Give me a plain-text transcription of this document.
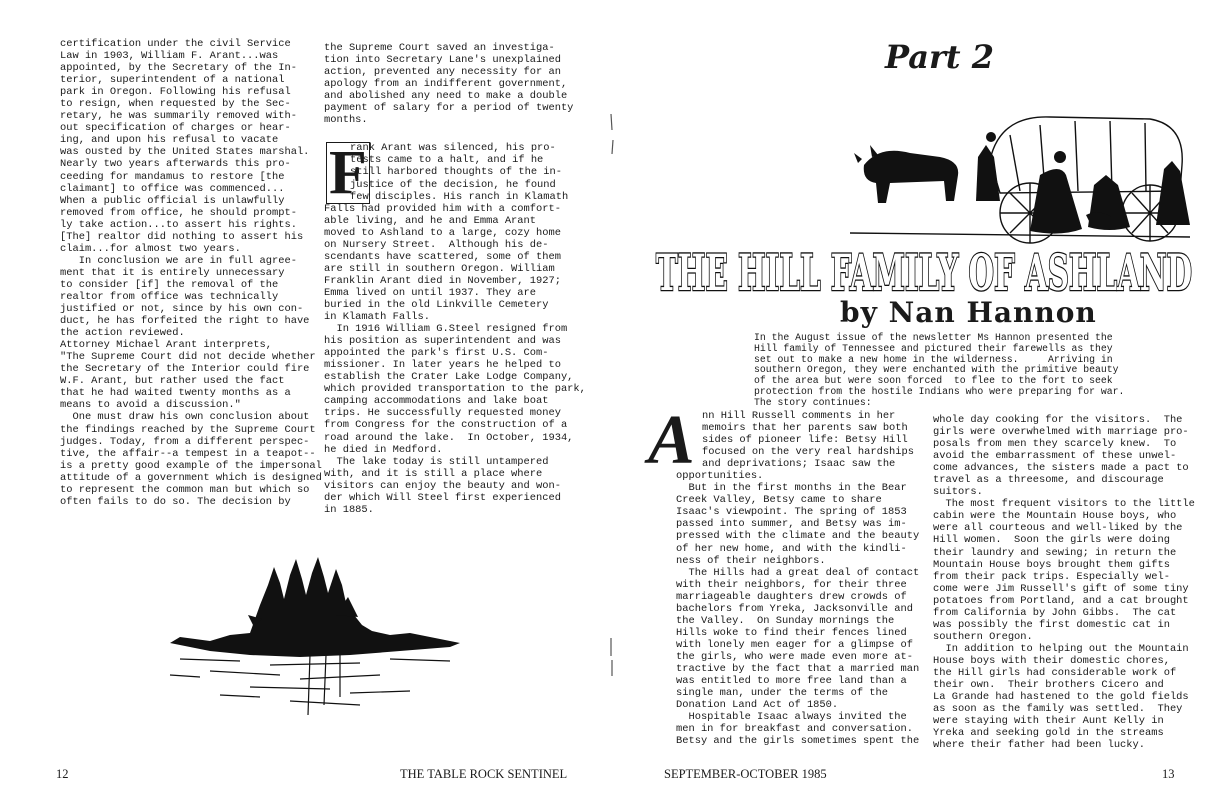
certification under the civil Service

Law in 1903, William F. Arant...was

appointed, by the Secretary of the In-

terior, superintendent of a national

park in Oregon. Following his refusal

to resign, when requested by the Sec-

retary, he was summarily removed with-

out specification of charges or hear-

ing, and upon his refusal to vacate

was ousted by the United States marshal.

Nearly two years afterwards this pro-

ceeding for mandamus to restore [the

claimant] to office was commenced...

When a public official is unlawfully

removed from office, he should prompt-

ly take action...to assert his rights.

[The] realtor did nothing to assert his

claim...for almost two years.

In conclusion we are in full agree-

ment that it is entirely unnecessary

to consider [if] the removal of the

realtor from office was technically

justified or not, since by his own con-

duct, he has forfeited the right to have

the action reviewed.

Attorney Michael Arant interprets,

"The Supreme Court did not decide whether

the Secretary of the Interior could fire

W.F. Arant, but rather used the fact

that he had waited twenty months as a

means to avoid a discussion."

One must draw his own conclusion about

the findings reached by the Supreme Court

judges. Today, from a different perspec-

tive, the affair--a tempest in a teapot--

is a pretty good example of the impersonal

attitude of a government which is designed

to represent the common man but which so

often fails to do so. The decision by

the Supreme Court saved an investiga-

tion into Secretary Lane's unexplained

action, prevented any necessity for an

apology from an indifferent government,

and abolished any need to make a double

payment of salary for a period of twenty

months.

rank Arant was silenced, his pro-

tests came to a halt, and if he

still harbored thoughts of the in-

justice of the decision, he found

few disciples. His ranch in Klamath

Falls had provided him with a comfort-

able living, and he and Emma Arant

moved to Ashland to a large, cozy home

on Nursery Street.  Although his de-

scendants have scattered, some of them

are still in southern Oregon. William

Franklin Arant died in November, 1927;

Emma lived on until 1937. They are

buried in the old Linkville Cemetery

in Klamath Falls.

In 1916 William G.Steel resigned from

his position as superintendent and was

appointed the park's first U.S. Com-

missioner. In later years he helped to

establish the Crater Lake Lodge Company,

which provided transportation to the park,

camping accommodations and lake boat

trips. He successfully requested money

from Congress for the construction of a

road around the lake.  In October, 1934,

he died in Medford.

The lake today is still untampered

with, and it is still a place where

visitors can enjoy the beauty and won-

der which Will Steel first experienced

in 1885.

F
Part 2
THE HILL FAMILY OF ASHLAND
by Nan Hannon

In the August issue of the newsletter Ms Hannon presented the

Hill family of Tennessee and pictured their farewells as they

set out to make a new home in the wilderness.     Arriving in

southern Oregon, they were enchanted with the primitive beauty

of the area but were soon forced  to flee to the fort to seek

protection from the hostile Indians who were preparing for war.

The story continues:

A nn Hill Russell comments in her

memoirs that her parents saw both

sides of pioneer life: Betsy Hill

focused on the very real hardships

and deprivations; Isaac saw the

opportunities.

But in the first months in the Bear

Creek Valley, Betsy came to share

Isaac's viewpoint. The spring of 1853

passed into summer, and Betsy was im-

pressed with the climate and the beauty

of her new home, and with the kindli-

ness of their neighbors.

The Hills had a great deal of contact

with their neighbors, for their three

marriageable daughters drew crowds of

bachelors from Yreka, Jacksonville and

the Valley.  On Sunday mornings the

Hills woke to find their fences lined

with lonely men eager for a glimpse of

the girls, who were made even more at-

tractive by the fact that a married man

was entitled to more free land than a

single man, under the terms of the

Donation Land Act of 1850.

Hospitable Isaac always invited the

men in for breakfast and conversation.

Betsy and the girls sometimes spent the

whole day cooking for the visitors.  The

girls were overwhelmed with marriage pro-

posals from men they scarcely knew.  To

avoid the embarrassment of these unwel-

come advances, the sisters made a pact to

travel as a threesome, and discourage

suitors.

The most frequent visitors to the little

cabin were the Mountain House boys, who

were all courteous and well-liked by the

Hill women.  Soon the girls were doing

their laundry and sewing; in return the

Mountain House boys brought them gifts

from their pack trips. Especially wel-

come were Jim Russell's gift of some tiny

potatoes from Portland, and a cat brought

from California by John Gibbs.  The cat

was possibly the first domestic cat in

southern Oregon.

In addition to helping out the Mountain

House boys with their domestic chores,

the Hill girls had considerable work of

their own.  Their brothers Cicero and

La Grande had hastened to the gold fields

as soon as the family was settled.  They

were staying with their Aunt Kelly in

Yreka and seeking gold in the streams

where their father had been lucky.

12	THE TABLE ROCK SENTINEL	SEPTEMBER-OCTOBER 1985	13
